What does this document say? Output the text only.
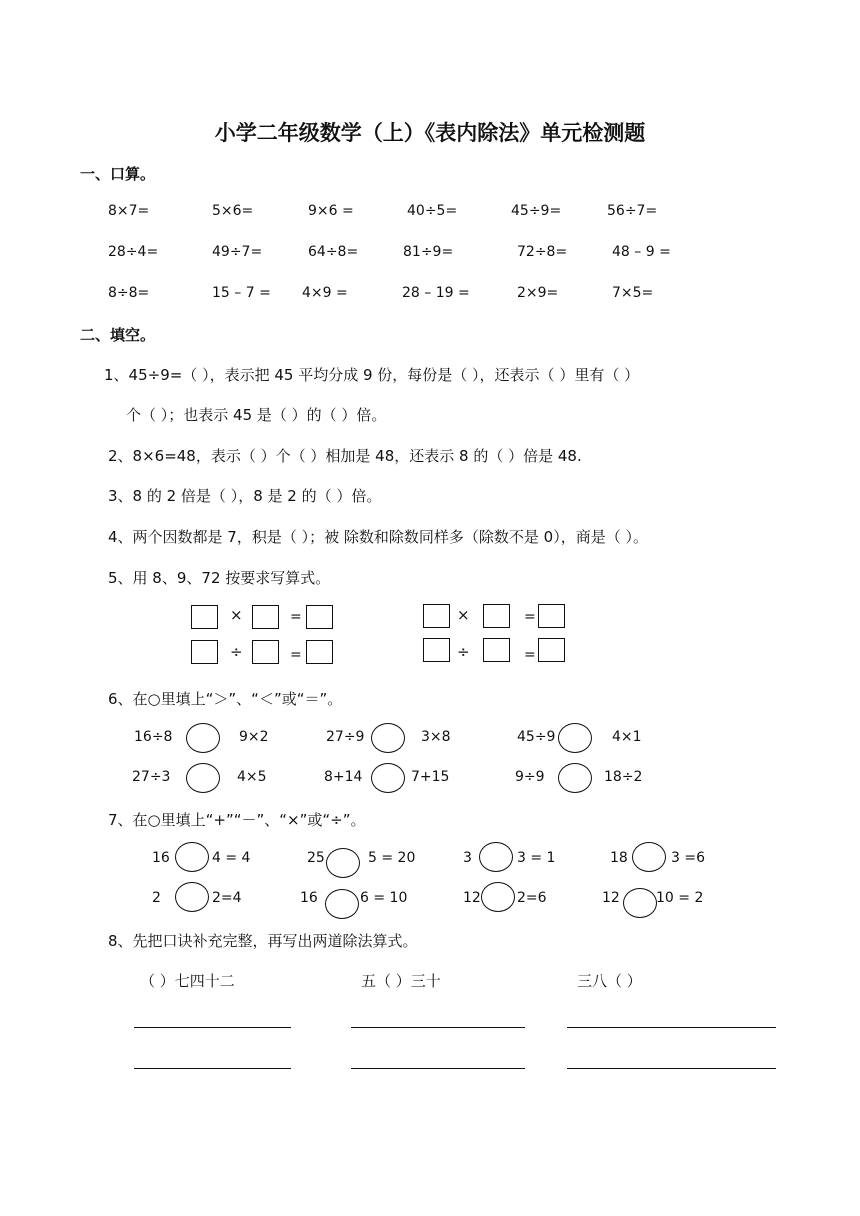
小学二年级数学（上）《表内除法》单元检测题
一、口算。
8×7=	5×6=	9×6 =	40÷5=	45÷9=	56÷7=
28÷4=	49÷7=	64÷8=	81÷9=	72÷8=	48 – 9 =
8÷8=	15 – 7 = 4×9 =	28 – 19 =	2×9=	7×5=
二、填空。
1、45÷9=（ ），表示把 45 平均分成 9 份，每份是（ ），还表示（ ）里有（ ）
个（ ）；也表示 45 是（ ）的（ ）倍。
2、8×6=48，表示（ ）个（ ）相加是 48，还表示 8 的（ ）倍是 48.
3、8 的 2 倍是（ ），8 是 2 的（ ）倍。
4、两个因数都是 7，积是（ ）；被 除数和除数同样多（除数不是 0），商是（ ）。
5、用 8、9、72 按要求写算式。
×	=
÷	=
×	=
÷	=
6、在○里填上“＞”、“＜”或“＝”。
16÷8	9×2	27÷9	3×8	45÷9	4×1
27÷3	4×5	8+14	7+15	9÷9	18÷2
7、在○里填上“+”“－”、“×”或“÷”。
16	4 = 4	25	5 = 20	3	3 = 1	18	3 =6
2	2=4	16	6 = 10	12	2=6	12	10 = 2
8、先把口诀补充完整，再写出两道除法算式。
（ ）七四十二	五（ ）三十	三八（ ）
